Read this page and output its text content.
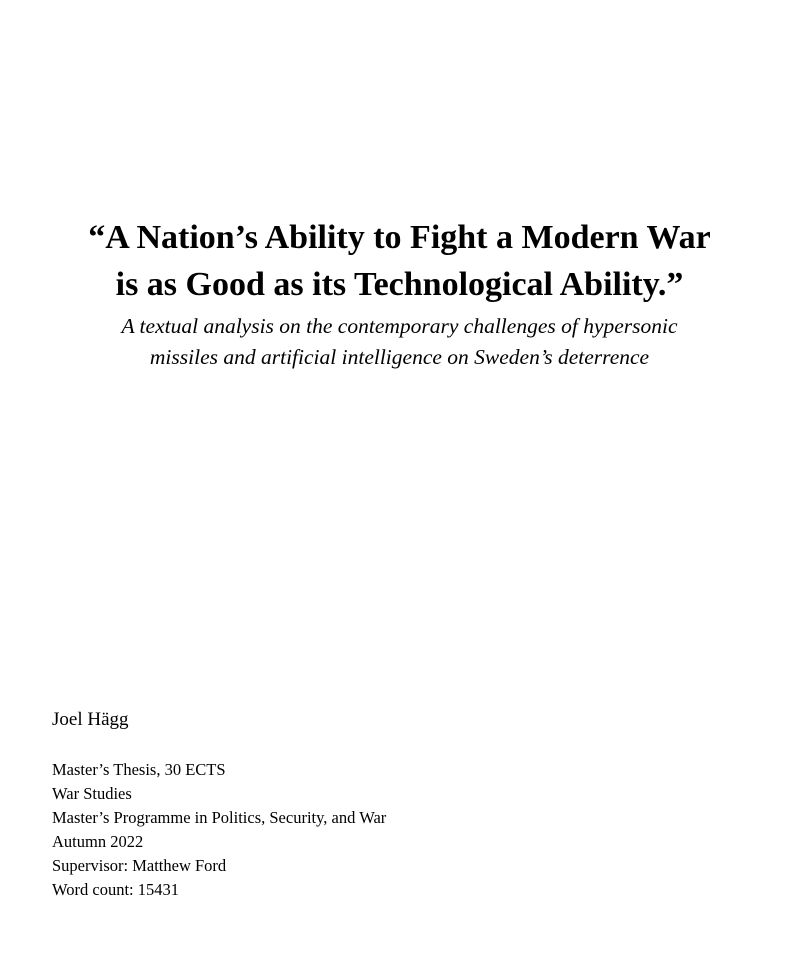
“A Nation’s Ability to Fight a Modern War
is as Good as its Technological Ability.”
A textual analysis on the contemporary challenges of hypersonic
missiles and artificial intelligence on Sweden’s deterrence
Joel Hägg
Master’s Thesis, 30 ECTS
War Studies
Master’s Programme in Politics, Security, and War
Autumn 2022
Supervisor: Matthew Ford
Word count: 15431
